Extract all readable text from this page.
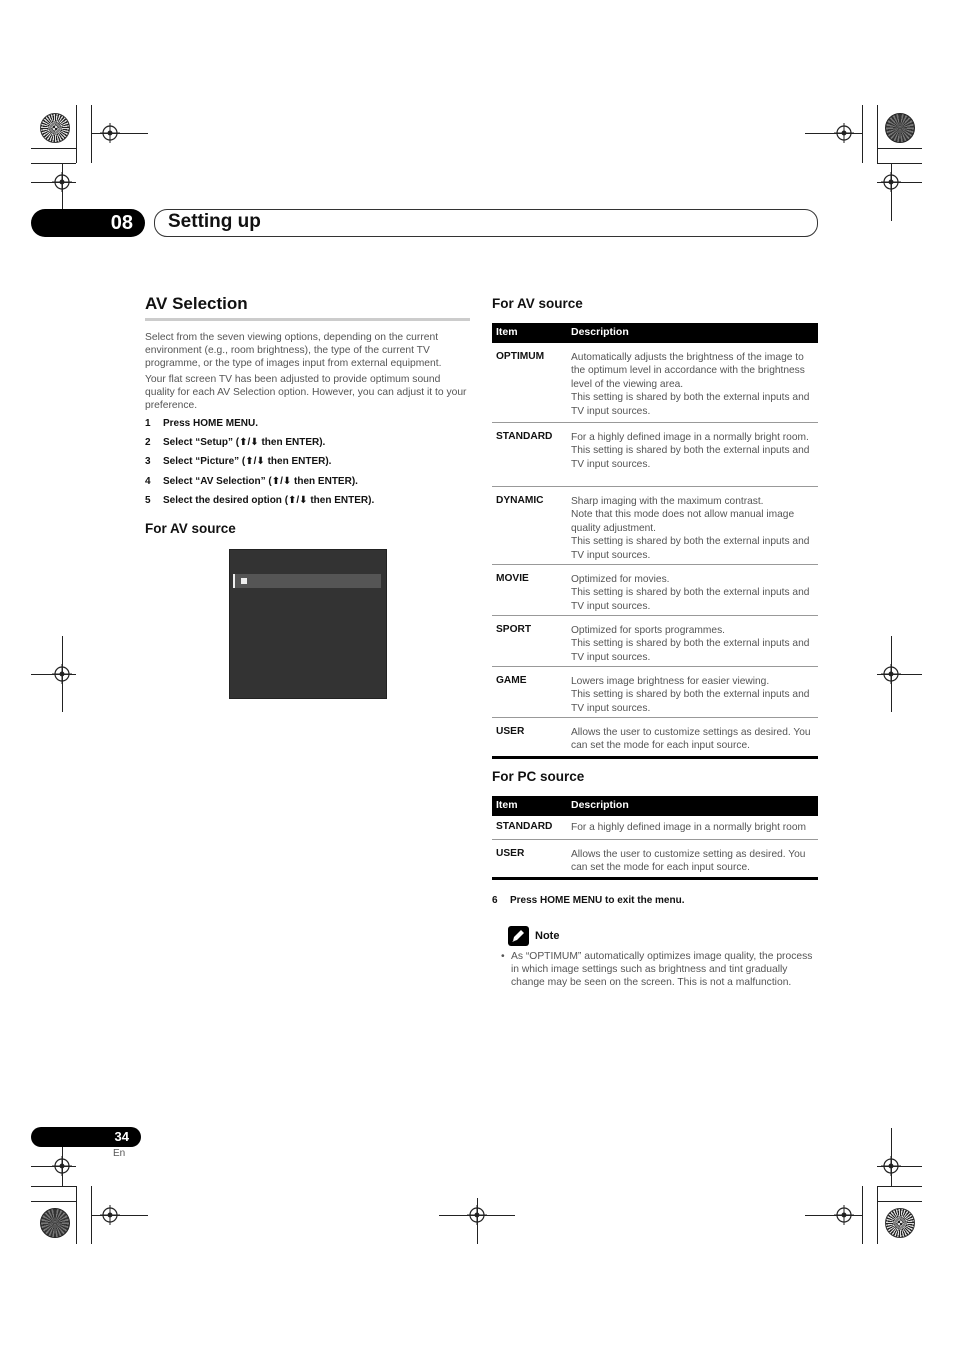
08 Setting up
AV Selection
Select from the seven viewing options, depending on the current environment (e.g., room brightness), the type of the current TV programme, or the type of images input from external equipment.
Your flat screen TV has been adjusted to provide optimum sound quality for each AV Selection option. However, you can adjust it to your preference.
1 Press HOME MENU.
2 Select “Setup” (⬆/⬇ then ENTER).
3 Select “Picture” (⬆/⬇ then ENTER).
4 Select “AV Selection” (⬆/⬇ then ENTER).
5 Select the desired option (⬆/⬇ then ENTER).
For AV source
For AV source
Item	Description
OPTIMUM	Automatically adjusts the brightness of the image to the optimum level in accordance with the brightness level of the viewing area.
This setting is shared by both the external inputs and TV input sources.
STANDARD For a highly defined image in a normally bright room.
This setting is shared by both the external inputs and TV input sources.
DYNAMIC	Sharp imaging with the maximum contrast.
Note that this mode does not allow manual image quality adjustment.
This setting is shared by both the external inputs and TV input sources.
MOVIE	Optimized for movies.
This setting is shared by both the external inputs and TV input sources.
SPORT	Optimized for sports programmes.
This setting is shared by both the external inputs and TV input sources.
GAME	Lowers image brightness for easier viewing.
This setting is shared by both the external inputs and TV input sources.
USER	Allows the user to customize settings as desired. You can set the mode for each input source.
For PC source
Item	Description
STANDARD For a highly defined image in a normally bright room
USER	Allows the user to customize setting as desired. You can set the mode for each input source.
6 Press HOME MENU to exit the menu.
Note
• As “OPTIMUM” automatically optimizes image quality, the process in which image settings such as brightness and tint gradually change may be seen on the screen. This is not a malfunction.
34
En
